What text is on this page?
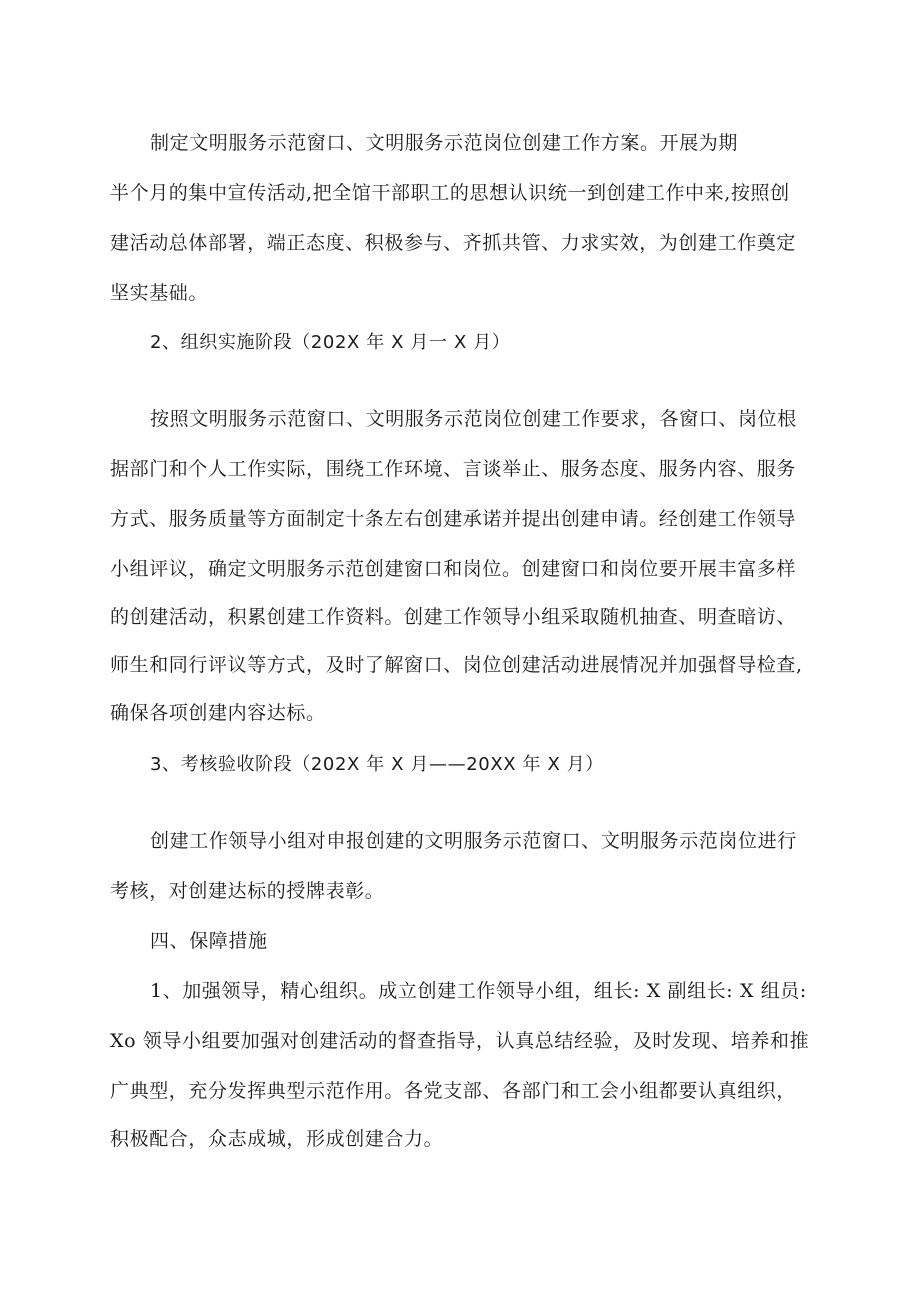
制定文明服务示范窗口、文明服务示范岗位创建工作方案。开展为期
半个月的集中宣传活动,把全馆干部职工的思想认识统一到创建工作中来,按照创
建活动总体部署，端正态度、积极参与、齐抓共管、力求实效，为创建工作奠定
坚实基础。
2、组织实施阶段（202X 年 X 月一 X 月）
按照文明服务示范窗口、文明服务示范岗位创建工作要求，各窗口、岗位根
据部门和个人工作实际，围绕工作环境、言谈举止、服务态度、服务内容、服务
方式、服务质量等方面制定十条左右创建承诺并提出创建申请。经创建工作领导
小组评议，确定文明服务示范创建窗口和岗位。创建窗口和岗位要开展丰富多样
的创建活动，积累创建工作资料。创建工作领导小组采取随机抽查、明查暗访、
师生和同行评议等方式，及时了解窗口、岗位创建活动进展情况并加强督导检查,
确保各项创建内容达标。
3、考核验收阶段（202X 年 X 月——20XX 年 X 月）
创建工作领导小组对申报创建的文明服务示范窗口、文明服务示范岗位进行
考核，对创建达标的授牌表彰。
四、保障措施
1、加强领导，精心组织。成立创建工作领导小组，组长: X 副组长: X 组员:
Xo 领导小组要加强对创建活动的督查指导，认真总结经验，及时发现、培养和推
广典型，充分发挥典型示范作用。各党支部、各部门和工会小组都要认真组织，
积极配合，众志成城，形成创建合力。
